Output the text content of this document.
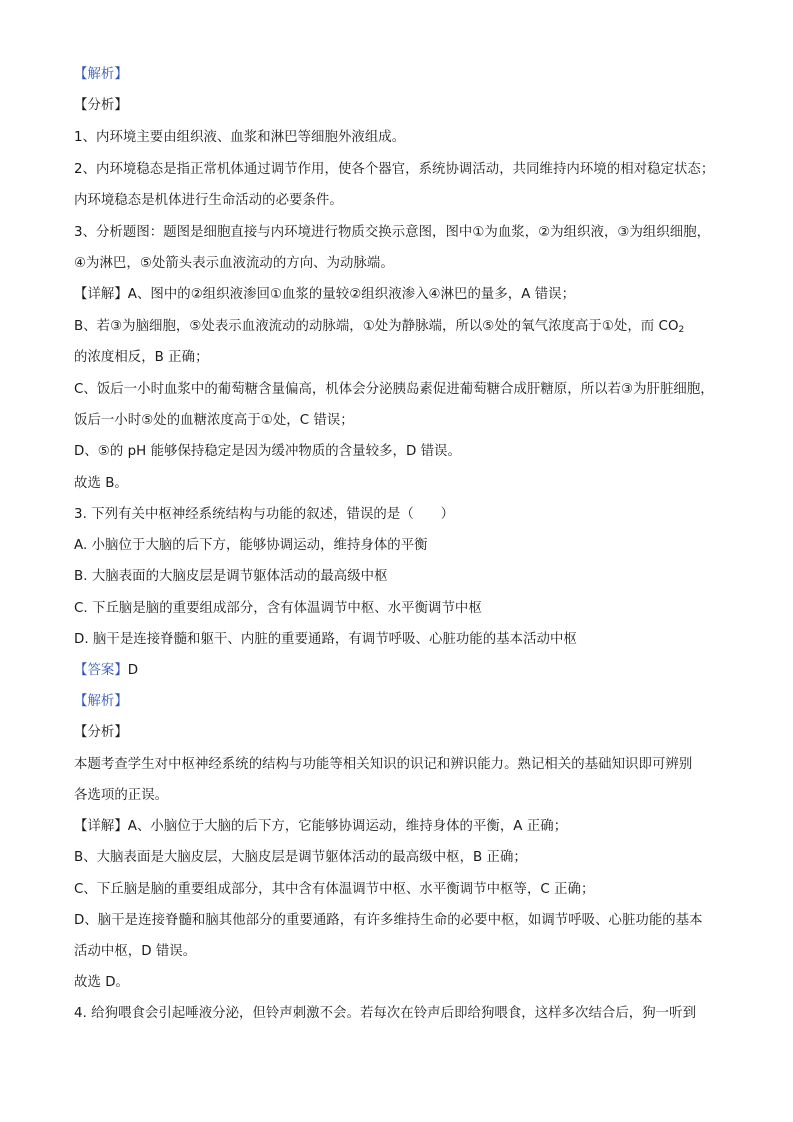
【解析】
【分析】
1、内环境主要由组织液、血浆和淋巴等细胞外液组成。
2、内环境稳态是指正常机体通过调节作用，使各个器官，系统协调活动，共同维持内环境的相对稳定状态；
内环境稳态是机体进行生命活动的必要条件。
3、分析题图：题图是细胞直接与内环境进行物质交换示意图，图中①为血浆，②为组织液，③为组织细胞，
④为淋巴，⑤处箭头表示血液流动的方向、为动脉端。
【详解】A、图中的②组织液渗回①血浆的量较②组织液渗入④淋巴的量多，A 错误；
B、若③为脑细胞，⑤处表示血液流动的动脉端，①处为静脉端，所以⑤处的氧气浓度高于①处，而 $CO_2$
的浓度相反，B 正确；
C、饭后一小时血浆中的葡萄糖含量偏高，机体会分泌胰岛素促进葡萄糖合成肝糖原，所以若③为肝脏细胞，
饭后一小时⑤处的血糖浓度高于①处，C 错误；
D、⑤的 pH 能够保持稳定是因为缓冲物质的含量较多，D 错误。
故选 B。
3. 下列有关中枢神经系统结构与功能的叙述，错误的是（　　）
A. 小脑位于大脑的后下方，能够协调运动，维持身体的平衡
B. 大脑表面的大脑皮层是调节躯体活动的最高级中枢
C. 下丘脑是脑的重要组成部分，含有体温调节中枢、水平衡调节中枢
D. 脑干是连接脊髓和躯干、内脏的重要通路，有调节呼吸、心脏功能的基本活动中枢
【答案】D
【解析】
【分析】
本题考查学生对中枢神经系统的结构与功能等相关知识的识记和辨识能力。熟记相关的基础知识即可辨别
各选项的正误。
【详解】A、小脑位于大脑的后下方，它能够协调运动，维持身体的平衡，A 正确；
B、大脑表面是大脑皮层，大脑皮层是调节躯体活动的最高级中枢，B 正确；
C、下丘脑是脑的重要组成部分，其中含有体温调节中枢、水平衡调节中枢等，C 正确；
D、脑干是连接脊髓和脑其他部分的重要通路，有许多维持生命的必要中枢，如调节呼吸、心脏功能的基本
活动中枢，D 错误。
故选 D。
4. 给狗喂食会引起唾液分泌，但铃声刺激不会。若每次在铃声后即给狗喂食，这样多次结合后，狗一听到
